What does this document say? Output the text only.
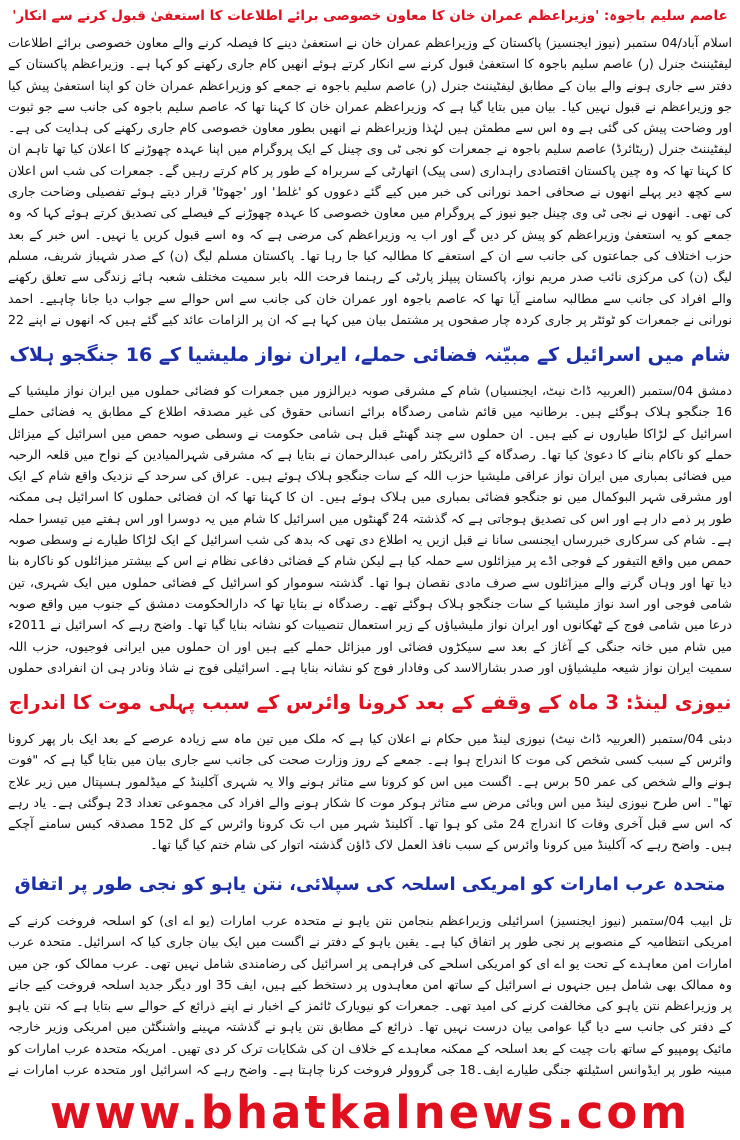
عاصم سلیم باجوہ: 'وزیراعظم عمران خان کا معاون خصوصی برائے اطلاعات کا استعفیٰ قبول کرنے سے انکار'

اسلام آباد/04 ستمبر (نیوز ایجنسیز) پاکستان کے وزیراعظم عمران خان نے استعفیٰ دینے کا فیصلہ کرنے والے معاون خصوصی برائے اطلاعات لیفٹیننٹ جنرل (ر) عاصم سلیم باجوہ کا استعفیٰ قبول کرنے سے انکار کرتے ہوئے انھیں کام جاری رکھنے کو کہا ہے۔ وزیراعظم پاکستان کے دفتر سے جاری ہونے والے بیان کے مطابق لیفٹیننٹ جنرل (ر) عاصم سلیم باجوہ نے جمعے کو وزیراعظم عمران خان کو اپنا استعفیٰ پیش کیا جو وزیراعظم نے قبول نہیں کیا۔ بیان میں بتایا گیا ہے کہ وزیراعظم عمران خان کا کہنا تھا کہ عاصم سلیم باجوہ کی جانب سے جو ثبوت اور وضاحت پیش کی گئی ہے وہ اس سے مطمئن ہیں لہٰذا وزیراعظم نے انھیں بطور معاون خصوصی کام جاری رکھنے کی ہدایت کی ہے۔ لیفٹیننٹ جنرل (ریٹائرڈ) عاصم سلیم باجوہ نے جمعرات کو نجی ٹی وی چینل کے ایک پروگرام میں اپنا عہدہ چھوڑنے کا اعلان کیا تھا تاہم ان کا کہنا تھا کہ وہ چین پاکستان اقتصادی راہداری (سی پیک) اتھارٹی کے سربراہ کے طور پر کام کرتے رہیں گے۔ جمعرات کی شب اس اعلان سے کچھ دیر پہلے انھوں نے صحافی احمد نورانی کی خبر میں کیے گئے دعووں کو 'غلط' اور 'جھوٹا' قرار دیتے ہوئے تفصیلی وضاحت جاری کی تھی۔ انھوں نے نجی ٹی وی چینل جیو نیوز کے پروگرام میں معاون خصوصی کا عہدہ چھوڑنے کے فیصلے کی تصدیق کرتے ہوئے کہا کہ وہ جمعے کو یہ استعفیٰ وزیراعظم کو پیش کر دیں گے اور اب یہ وزیراعظم کی مرضی ہے کہ وہ اسے قبول کریں یا نہیں۔ اس خبر کے بعد حزب اختلاف کی جماعتوں کی جانب سے ان کے استعفے کا مطالبہ کیا جا رہا تھا۔ پاکستان مسلم لیگ (ن) کے صدر شہباز شریف، مسلم لیگ (ن) کی مرکزی نائب صدر مریم نواز، پاکستان پیپلز پارٹی کے رہنما فرحت اللہ بابر سمیت مختلف شعبہ ہائے زندگی سے تعلق رکھنے والے افراد کی جانب سے مطالبہ سامنے آیا تھا کہ عاصم باجوہ اور عمران خان کی جانب سے اس حوالے سے جواب دیا جانا چاہیے۔ احمد نورانی نے جمعرات کو ٹوئٹر پر جاری کردہ چار صفحوں پر مشتمل بیان میں کہا ہے کہ ان پر الزامات عائد کیے گئے ہیں کہ انھوں نے اپنے 22

شام میں اسرائیل کے مبیّنہ فضائی حملے، ایران نواز ملیشیا کے 16 جنگجو ہلاک

دمشق 04/ستمبر (العربیہ ڈاٹ نیٹ، ایجنسیاں) شام کے مشرقی صوبہ دیرالزور میں جمعرات کو فضائی حملوں میں ایران نواز ملیشیا کے 16 جنگجو ہلاک ہوگئے ہیں۔ برطانیہ میں قائم شامی رصدگاہ برائے انسانی حقوق کی غیر مصدقہ اطلاع کے مطابق یہ فضائی حملے اسرائیل کے لڑاکا طیاروں نے کیے ہیں۔ ان حملوں سے چند گھنٹے قبل ہی شامی حکومت نے وسطی صوبہ حمص میں اسرائیل کے میزائل حملے کو ناکام بنانے کا دعویٰ کیا تھا۔ رصدگاہ کے ڈائریکٹر رامی عبدالرحمان نے بتایا ہے کہ مشرقی شہرالمیادین کے نواح میں قلعہ الرحبہ میں فضائی بمباری میں ایران نواز عراقی ملیشیا حزب اللہ کے سات جنگجو ہلاک ہوئے ہیں۔ عراق کی سرحد کے نزدیک واقع شام کے ایک اور مشرقی شہر البوکمال میں نو جنگجو فضائی بمباری میں ہلاک ہوئے ہیں۔ ان کا کہنا تھا کہ ان فضائی حملوں کا اسرائیل ہی ممکنہ طور پر ذمے دار ہے اور اس کی تصدیق ہوجاتی ہے کہ گذشتہ 24 گھنٹوں میں اسرائیل کا شام میں یہ دوسرا اور اس ہفتے میں تیسرا حملہ ہے۔ شام کی سرکاری خبررساں ایجنسی سانا نے قبل ازیں یہ اطلاع دی تھی کہ بدھ کی شب اسرائیل کے ایک لڑاکا طیارے نے وسطی صوبہ حمص میں واقع التیفور کے فوجی اڈے پر میزائلوں سے حملہ کیا ہے لیکن شام کے فضائی دفاعی نظام نے اس کے بیشتر میزائلوں کو ناکارہ بنا دیا تھا اور وہاں گرنے والے میزائلوں سے صرف مادی نقصان ہوا تھا۔ گذشتہ سوموار کو اسرائیل کے فضائی حملوں میں ایک شہری، تین شامی فوجی اور اسد نواز ملیشیا کے سات جنگجو ہلاک ہوگئے تھے۔ رصدگاہ نے بتایا تھا کہ دارالحکومت دمشق کے جنوب میں واقع صوبہ درعا میں شامی فوج کے ٹھکانوں اور ایران نواز ملیشیاؤں کے زیر استعمال تنصیبات کو نشانہ بنایا گیا تھا۔ واضح رہے کہ اسرائیل نے 2011ء میں شام میں خانہ جنگی کے آغاز کے بعد سے سیکڑوں فضائی اور میزائل حملے کیے ہیں اور ان حملوں میں ایرانی فوجیوں، حزب اللہ سمیت ایران نواز شیعہ ملیشیاؤں اور صدر بشارالاسد کی وفادار فوج کو نشانہ بنایا ہے۔ اسرائیلی فوج نے شاذ ونادر ہی ان انفرادی حملوں

نیوزی لینڈ: 3 ماہ کے وقفے کے بعد کرونا وائرس کے سبب پہلی موت کا اندراج

دبئی 04/ستمبر (العربیہ ڈاٹ نیٹ) نیوزی لینڈ میں حکام نے اعلان کیا ہے کہ ملک میں تین ماہ سے زیادہ عرصے کے بعد ایک بار پھر کرونا وائرس کے سبب کسی شخص کی موت کا اندراج ہوا ہے۔ جمعے کے روز وزارت صحت کی جانب سے جاری بیان میں بتایا گیا ہے کہ "فوت ہونے والے شخص کی عمر 50 برس ہے۔ اگست میں اس کو کرونا سے متاثر ہونے والا یہ شہری آکلینڈ کے میڈلمور ہسپتال میں زیر علاج تھا"۔ اس طرح نیوزی لینڈ میں اس وبائی مرض سے متاثر ہوکر موت کا شکار ہونے والے افراد کی مجموعی تعداد 23 ہوگئی ہے۔ یاد رہے کہ اس سے قبل آخری وفات کا اندراج 24 مئی کو ہوا تھا۔ آکلینڈ شہر میں اب تک کرونا وائرس کے کل 152 مصدقہ کیس سامنے آچکے ہیں۔ واضح رہے کہ آکلینڈ میں کرونا وائرس کے سبب نافذ العمل لاک ڈاؤن گذشتہ اتوار کی شام ختم کیا گیا تھا۔

متحدہ عرب امارات کو امریکی اسلحہ کی سپلائی، نتن یاہو کو نجی طور پر اتفاق

تل ابیب 04/ستمبر (نیوز ایجنسیز) اسرائیلی وزیراعظم بنجامن نتن یاہو نے متحدہ عرب امارات (یو اے ای) کو اسلحہ فروخت کرنے کے امریکی انتظامیہ کے منصوبے پر نجی طور پر اتفاق کیا ہے۔ یقین یاہو کے دفتر نے اگست میں ایک بیان جاری کیا کہ اسرائیل۔ متحدہ عرب امارات امن معاہدے کے تحت یو اے ای کو امریکی اسلحے کی فراہمی پر اسرائیل کی رضامندی شامل نہیں تھی۔ عرب ممالک کو، جن میں وہ ممالک بھی شامل ہیں جنہوں نے اسرائیل کے ساتھ امن معاہدوں پر دستخط کیے ہیں، ایف 35 اور دیگر جدید اسلحہ فروخت کیے جانے پر وزیراعظم نتن یاہو کی مخالفت کرنے کی امید تھی۔ جمعرات کو نیویارک ٹائمز کے اخبار نے اپنے ذرائع کے حوالے سے بتایا ہے کہ نتن یاہو کے دفتر کی جانب سے دیا گیا عوامی بیان درست نہیں تھا۔ ذرائع کے مطابق نتن یاہو نے گذشتہ مہینے واشنگٹن میں امریکی وزیر خارجہ مائیک پومپیو کے ساتھ بات چیت کے بعد اسلحہ کے ممکنہ معاہدے کے خلاف ان کی شکایات ترک کر دی تھیں۔ امریکہ متحدہ عرب امارات کو مبینہ طور پر ایڈوانس اسٹیلتھ جنگی طیارے ایف۔18 جی گروولر فروخت کرنا چاہتا ہے۔ واضح رہے کہ اسرائیل اور متحدہ عرب امارات نے

www.bhatkalnews.com
